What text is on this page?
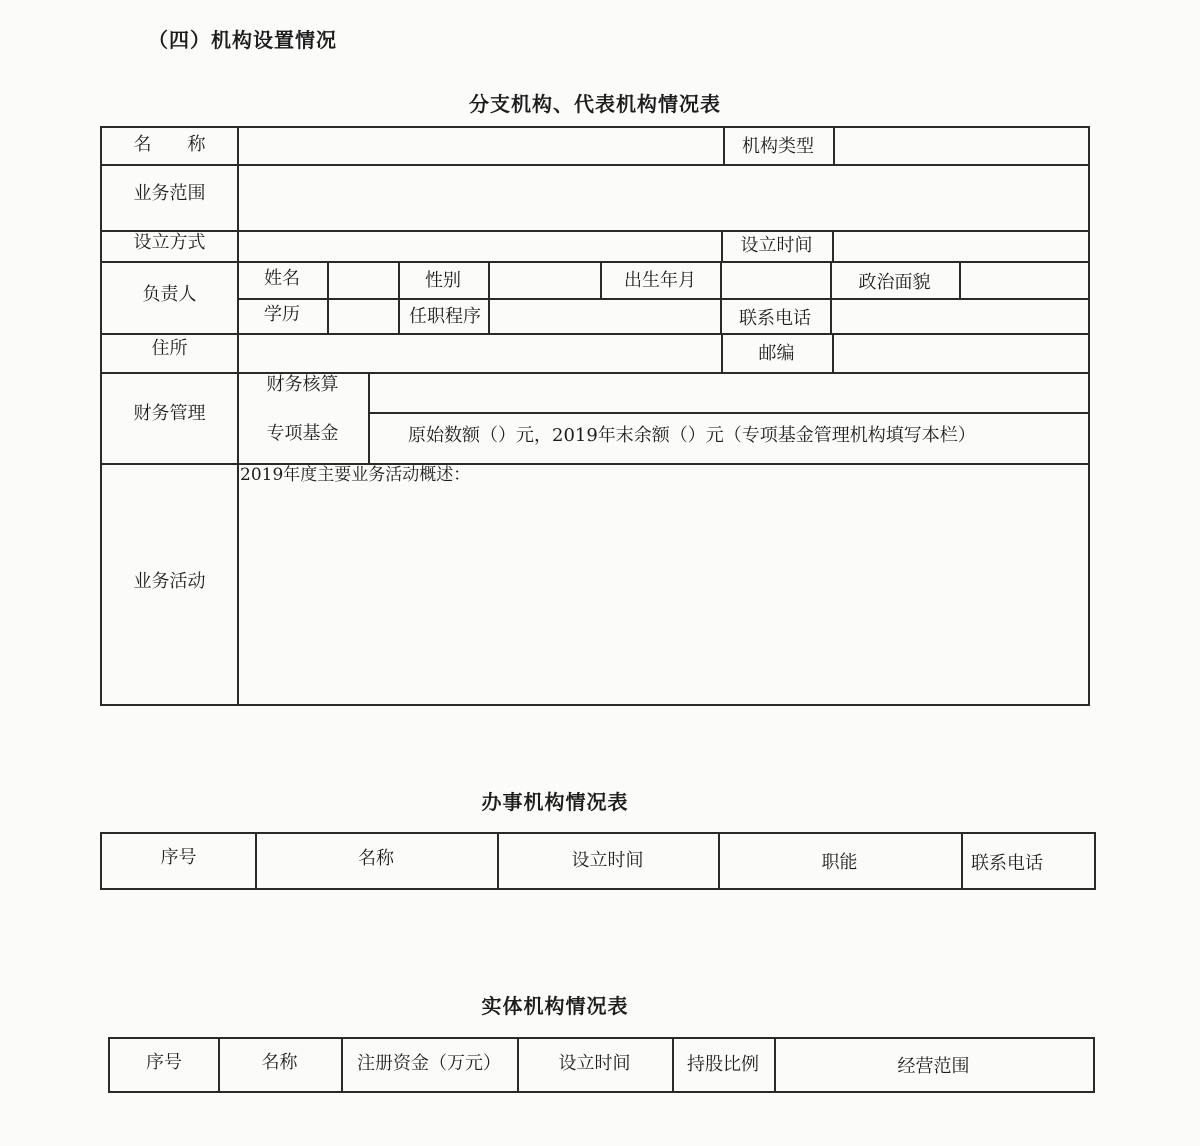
（四）机构设置情况
分支机构、代表机构情况表
名　　称	机构类型
业务范围
设立方式	设立时间
负责人
姓名	性别	出生年月	政治面貌
学历	任职程序	联系电话
住所	邮编
财务管理
财务核算
专项基金	原始数额（）元，2019年末余额（）元（专项基金管理机构填写本栏）
业务活动
2019年度主要业务活动概述：
办事机构情况表
序号	名称	设立时间	职能	联系电话
实体机构情况表
序号	名称	注册资金（万元）	设立时间	持股比例	经营范围
